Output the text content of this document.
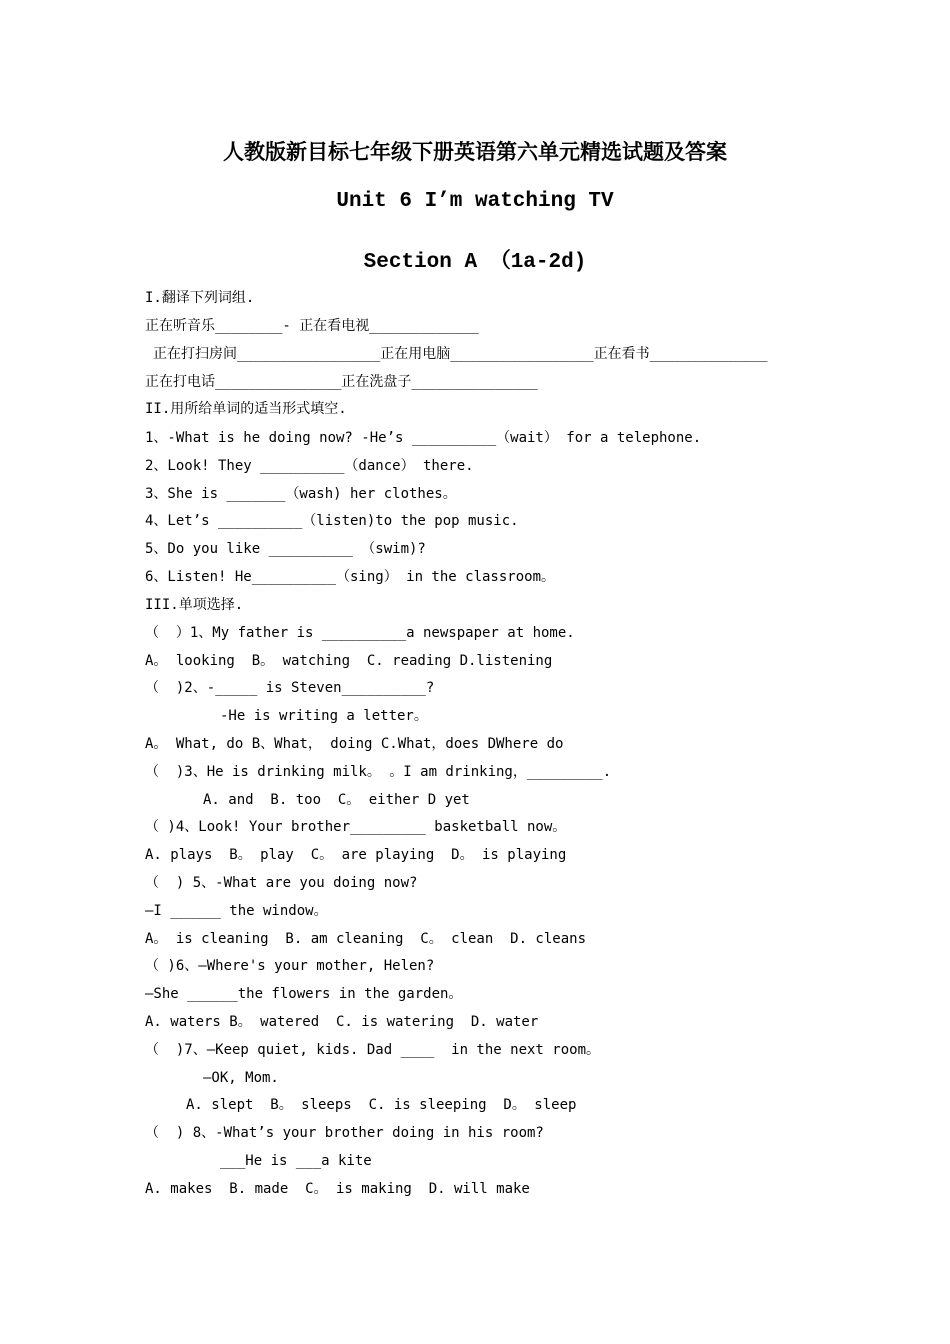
人教版新目标七年级下册英语第六单元精选试题及答案
Unit 6 I’m watching TV
Section A （1a-2d)
I.翻译下列词组.
正在听音乐________- 正在看电视_____________
正在打扫房间_________________正在用电脑_________________正在看书______________
正在打电话_______________正在洗盘子_______________
II.用所给单词的适当形式填空.
1、-What is he doing now? -He’s __________（wait） for a telephone.
2、Look! They __________（dance） there.
3、She is _______（wash) her clothes。
4、Let’s __________（listen)to the pop music.
5、Do you like __________ （swim)?
6、Listen! He__________（sing） in the classroom。
III.单项选择.
（  ）1、My father is __________a newspaper at home.
A。 looking  B。 watching  C. reading D.listening
（  )2、-_____ is Steven__________?
-He is writing a letter。
A。 What, do B、What， doing C.What，does DWhere do
（  )3、He is drinking milk。 。I am drinking，_________.
A. and  B. too  C。 either D yet
（ )4、Look! Your brother_________ basketball now。
A. plays  B。 play  C。 are playing  D。 is playing
（  ) 5、-What are you doing now?
—I ______ the window。
A。 is cleaning  B. am cleaning  C。 clean  D. cleans
（ )6、—Where's your mother, Helen?
—She ______the flowers in the garden。
A. waters B。 watered  C. is watering  D. water
（  )7、—Keep quiet, kids. Dad ____  in the next room。
—OK, Mom.
A. slept  B。 sleeps  C. is sleeping  D。 sleep
（  ) 8、-What’s your brother doing in his room?
___He is ___a kite
A. makes  B. made  C。 is making  D. will make
